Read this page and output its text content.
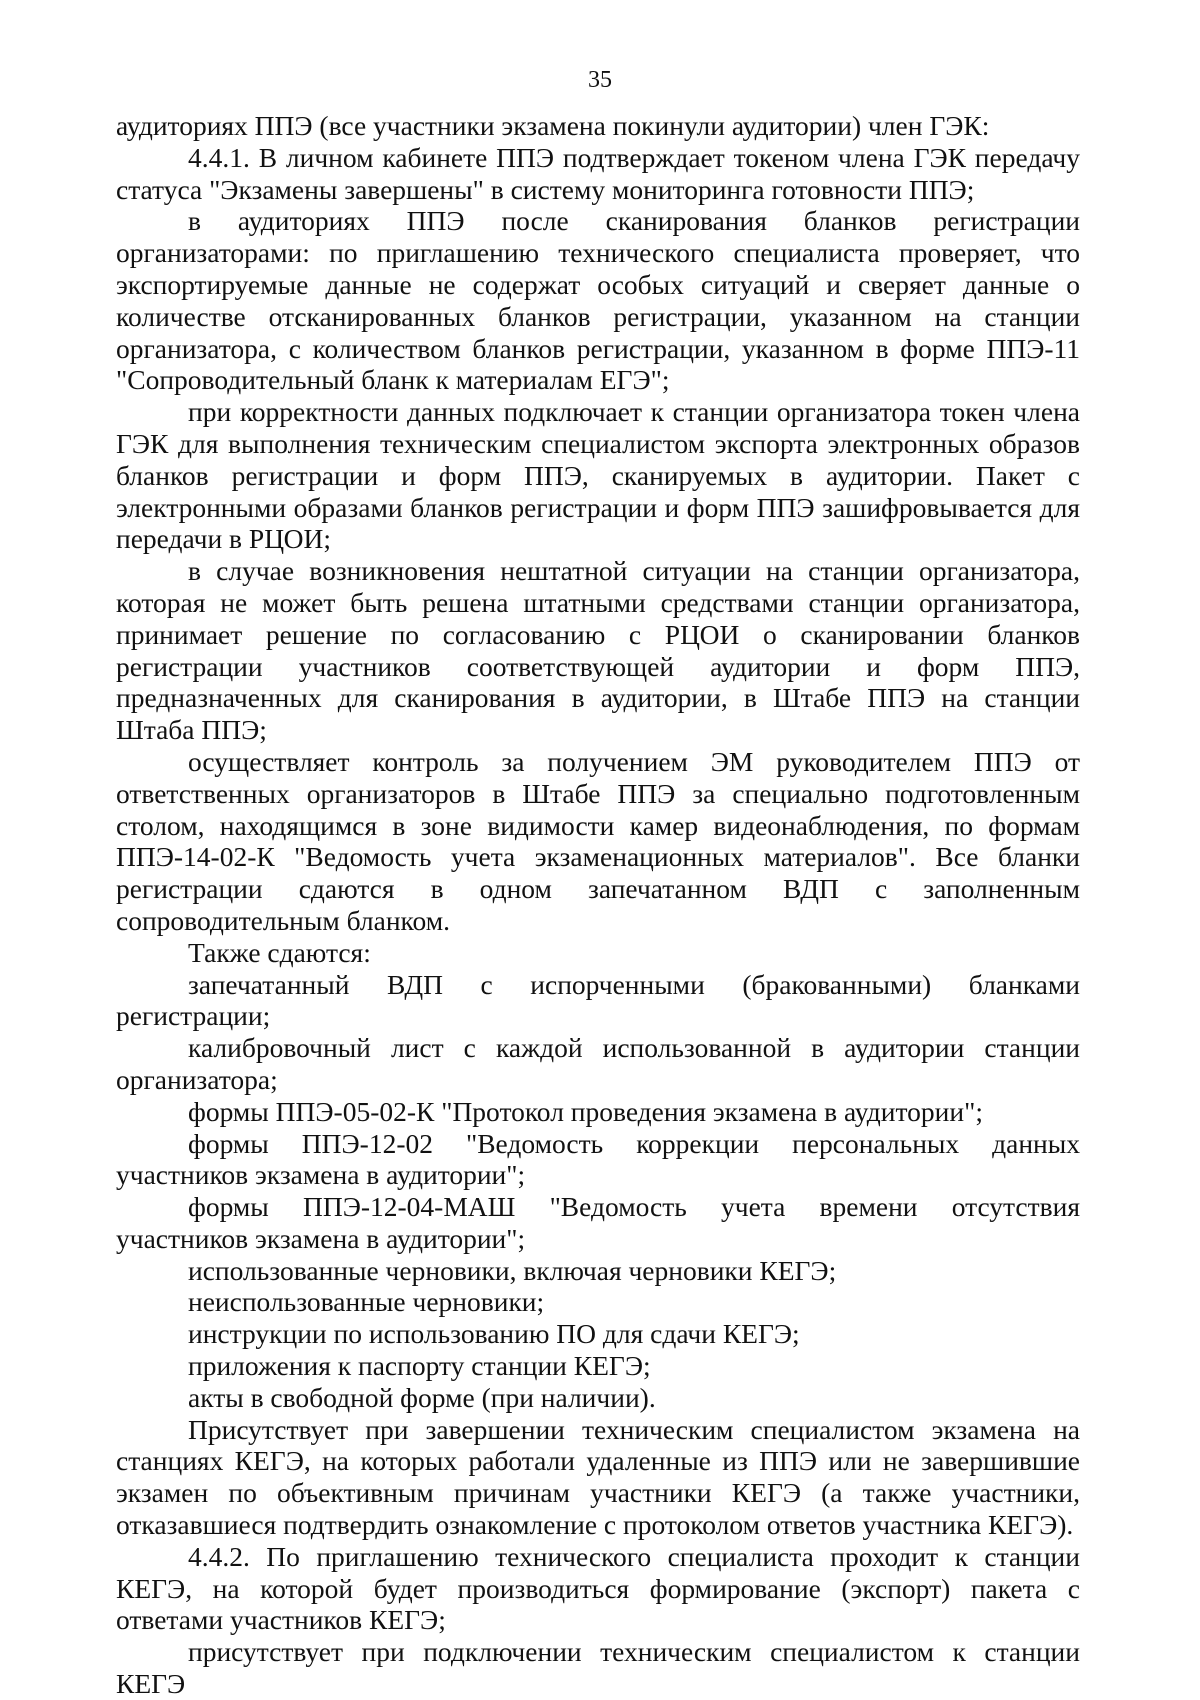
35

аудиториях ППЭ (все участники экзамена покинули аудитории) член ГЭК:

4.4.1. В личном кабинете ППЭ подтверждает токеном члена ГЭК передачу статуса "Экзамены завершены" в систему мониторинга готовности ППЭ;

в аудиториях ППЭ после сканирования бланков регистрации организаторами: по приглашению технического специалиста проверяет, что экспортируемые данные не содержат особых ситуаций и сверяет данные о количестве отсканированных бланков регистрации, указанном на станции организатора, с количеством бланков регистрации, указанном в форме ППЭ-11 "Сопроводительный бланк к материалам ЕГЭ";

при корректности данных подключает к станции организатора токен члена ГЭК для выполнения техническим специалистом экспорта электронных образов бланков регистрации и форм ППЭ, сканируемых в аудитории. Пакет с электронными образами бланков регистрации и форм ППЭ зашифровывается для передачи в РЦОИ;

в случае возникновения нештатной ситуации на станции организатора, которая не может быть решена штатными средствами станции организатора, принимает решение по согласованию с РЦОИ о сканировании бланков регистрации участников соответствующей аудитории и форм ППЭ, предназначенных для сканирования в аудитории, в Штабе ППЭ на станции Штаба ППЭ;

осуществляет контроль за получением ЭМ руководителем ППЭ от ответственных организаторов в Штабе ППЭ за специально подготовленным столом, находящимся в зоне видимости камер видеонаблюдения, по формам ППЭ-14-02-К "Ведомость учета экзаменационных материалов". Все бланки регистрации сдаются в одном запечатанном ВДП с заполненным сопроводительным бланком.

Также сдаются:

запечатанный ВДП с испорченными (бракованными) бланками регистрации;

калибровочный лист с каждой использованной в аудитории станции организатора;

формы ППЭ-05-02-К "Протокол проведения экзамена в аудитории";

формы ППЭ-12-02 "Ведомость коррекции персональных данных участников экзамена в аудитории";

формы ППЭ-12-04-МАШ "Ведомость учета времени отсутствия участников экзамена в аудитории";

использованные черновики, включая черновики КЕГЭ;

неиспользованные черновики;

инструкции по использованию ПО для сдачи КЕГЭ;

приложения к паспорту станции КЕГЭ;

акты в свободной форме (при наличии).

Присутствует при завершении техническим специалистом экзамена на станциях КЕГЭ, на которых работали удаленные из ППЭ или не завершившие экзамен по объективным причинам участники КЕГЭ (а также участники, отказавшиеся подтвердить ознакомление с протоколом ответов участника КЕГЭ).

4.4.2. По приглашению технического специалиста проходит к станции КЕГЭ, на которой будет производиться формирование (экспорт) пакета с ответами участников КЕГЭ;

присутствует при подключении техническим специалистом к станции КЕГЭ
